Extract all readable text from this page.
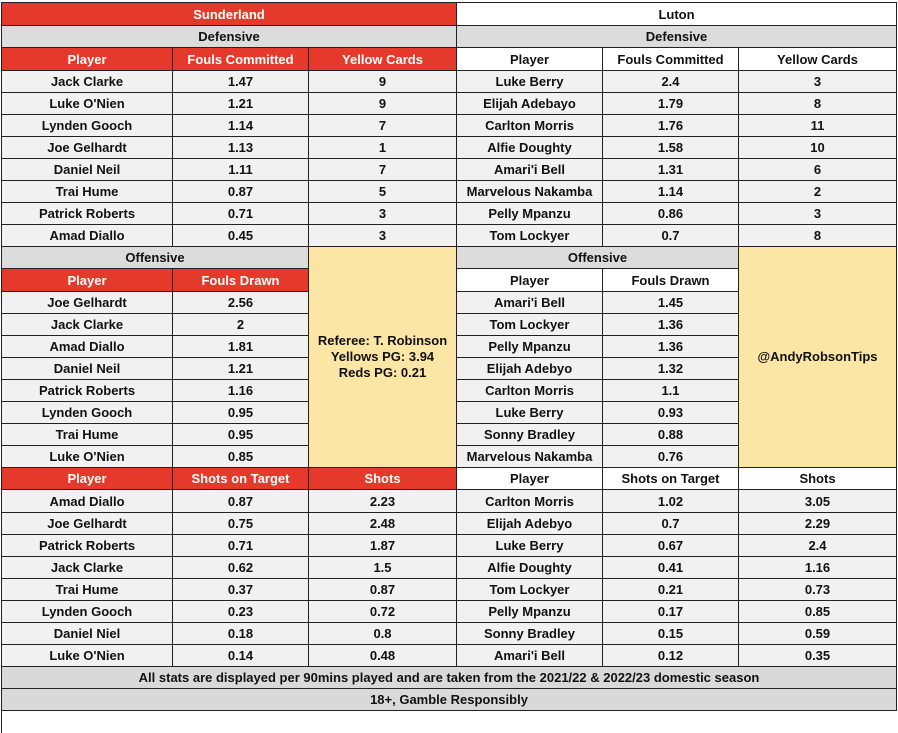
Sunderland	Luton
Defensive	Defensive
Player	Fouls Committed	Yellow Cards	Player	Fouls Committed	Yellow Cards
Jack Clarke	1.47	9	Luke Berry	2.4	3
Luke O'Nien	1.21	9	Elijah Adebayo	1.79	8
Lynden Gooch	1.14	7	Carlton Morris	1.76	11
Joe Gelhardt	1.13	1	Alfie Doughty	1.58	10
Daniel Neil	1.11	7	Amari'i Bell	1.31	6
Trai Hume	0.87	5	Marvelous Nakamba	1.14	2
Patrick Roberts	0.71	3	Pelly Mpanzu	0.86	3
Amad Diallo	0.45	3	Tom Lockyer	0.7	8
Offensive	Offensive
Referee: T. Robinson
Yellows PG: 3.94
Reds PG: 0.21
@AndyRobsonTips
Player	Fouls Drawn	Player	Fouls Drawn
Joe Gelhardt	2.56	Amari'i Bell	1.45
Jack Clarke	2	Tom Lockyer	1.36
Amad Diallo	1.81	Pelly Mpanzu	1.36
Daniel Neil	1.21	Elijah Adebyo	1.32
Patrick Roberts	1.16	Carlton Morris	1.1
Lynden Gooch	0.95	Luke Berry	0.93
Trai Hume	0.95	Sonny Bradley	0.88
Luke O'Nien	0.85	Marvelous Nakamba	0.76
Player	Shots on Target	Shots	Player	Shots on Target	Shots
Amad Diallo	0.87	2.23	Carlton Morris	1.02	3.05
Joe Gelhardt	0.75	2.48	Elijah Adebyo	0.7	2.29
Patrick Roberts	0.71	1.87	Luke Berry	0.67	2.4
Jack Clarke	0.62	1.5	Alfie Doughty	0.41	1.16
Trai Hume	0.37	0.87	Tom Lockyer	0.21	0.73
Lynden Gooch	0.23	0.72	Pelly Mpanzu	0.17	0.85
Daniel Niel	0.18	0.8	Sonny Bradley	0.15	0.59
Luke O'Nien	0.14	0.48	Amari'i Bell	0.12	0.35
All stats are displayed per 90mins played and are taken from the 2021/22 & 2022/23 domestic season
18+, Gamble Responsibly
